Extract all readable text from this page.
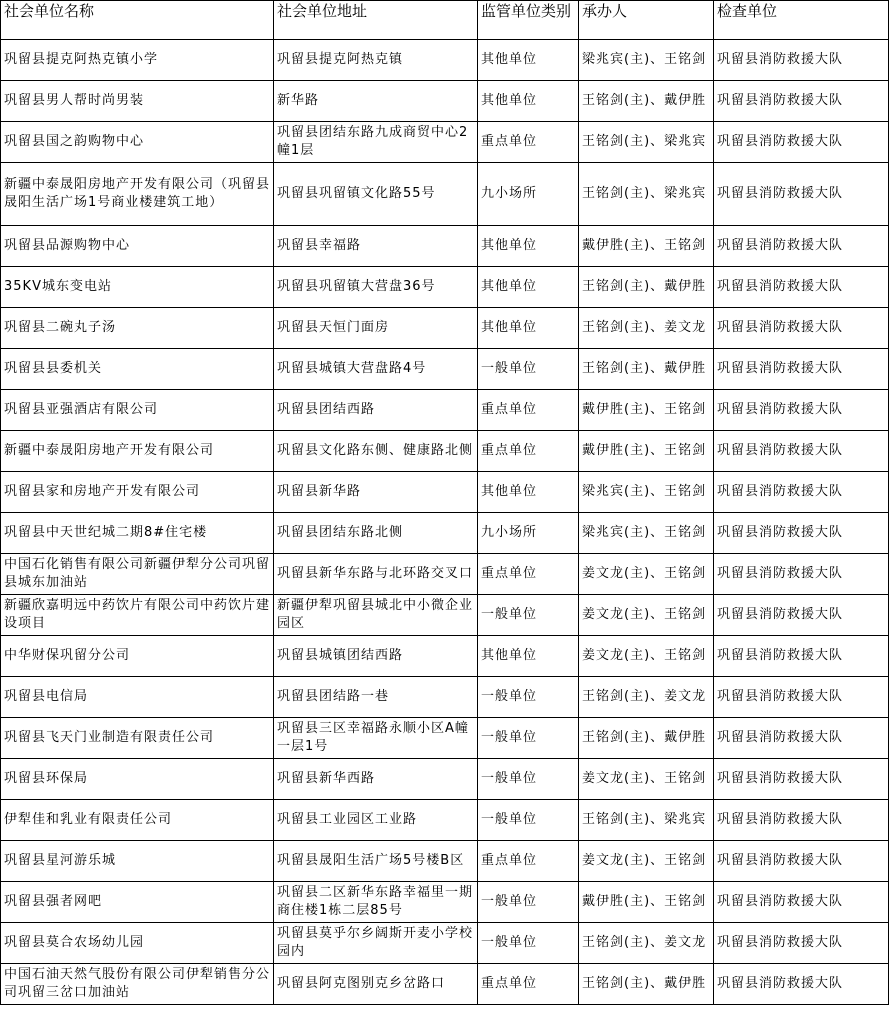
社会单位名称	社会单位地址	监管单位类别	承办人	检查单位
巩留县提克阿热克镇小学	巩留县提克阿热克镇	其他单位	梁兆宾(主)、王铭剑	巩留县消防救援大队
巩留县男人帮时尚男装	新华路	其他单位	王铭剑(主)、戴伊胜	巩留县消防救援大队
巩留县国之韵购物中心	巩留县团结东路九成商贸中心2幢1层	重点单位	王铭剑(主)、梁兆宾	巩留县消防救援大队
新疆中泰晟阳房地产开发有限公司（巩留县晟阳生活广场1号商业楼建筑工地）	巩留县巩留镇文化路55号	九小场所	王铭剑(主)、梁兆宾	巩留县消防救援大队
巩留县品源购物中心	巩留县幸福路	其他单位	戴伊胜(主)、王铭剑	巩留县消防救援大队
35KV城东变电站	巩留县巩留镇大营盘36号	其他单位	王铭剑(主)、戴伊胜	巩留县消防救援大队
巩留县二碗丸子汤	巩留县天恒门面房	其他单位	王铭剑(主)、姜文龙	巩留县消防救援大队
巩留县县委机关	巩留县城镇大营盘路4号	一般单位	王铭剑(主)、戴伊胜	巩留县消防救援大队
巩留县亚强酒店有限公司	巩留县团结西路	重点单位	戴伊胜(主)、王铭剑	巩留县消防救援大队
新疆中泰晟阳房地产开发有限公司	巩留县文化路东侧、健康路北侧	重点单位	戴伊胜(主)、王铭剑	巩留县消防救援大队
巩留县家和房地产开发有限公司	巩留县新华路	其他单位	梁兆宾(主)、王铭剑	巩留县消防救援大队
巩留县中天世纪城二期8#住宅楼	巩留县团结东路北侧	九小场所	梁兆宾(主)、王铭剑	巩留县消防救援大队
中国石化销售有限公司新疆伊犁分公司巩留县城东加油站	巩留县新华东路与北环路交叉口	重点单位	姜文龙(主)、王铭剑	巩留县消防救援大队
新疆欣嘉明远中药饮片有限公司中药饮片建设项目	新疆伊犁巩留县城北中小微企业园区	一般单位	姜文龙(主)、王铭剑	巩留县消防救援大队
中华财保巩留分公司	巩留县城镇团结西路	其他单位	姜文龙(主)、王铭剑	巩留县消防救援大队
巩留县电信局	巩留县团结路一巷	一般单位	王铭剑(主)、姜文龙	巩留县消防救援大队
巩留县飞天门业制造有限责任公司	巩留县三区幸福路永顺小区A幢一层1号	一般单位	王铭剑(主)、戴伊胜	巩留县消防救援大队
巩留县环保局	巩留县新华西路	一般单位	姜文龙(主)、王铭剑	巩留县消防救援大队
伊犁佳和乳业有限责任公司	巩留县工业园区工业路	一般单位	王铭剑(主)、梁兆宾	巩留县消防救援大队
巩留县星河游乐城	巩留县晟阳生活广场5号楼B区	重点单位	姜文龙(主)、王铭剑	巩留县消防救援大队
巩留县强者网吧	巩留县二区新华东路幸福里一期商住楼1栋二层85号	一般单位	戴伊胜(主)、王铭剑	巩留县消防救援大队
巩留县莫合农场幼儿园	巩留县莫乎尔乡阔斯开麦小学校园内	一般单位	王铭剑(主)、姜文龙	巩留县消防救援大队
中国石油天然气股份有限公司伊犁销售分公司巩留三岔口加油站	巩留县阿克图别克乡岔路口	重点单位	王铭剑(主)、戴伊胜	巩留县消防救援大队
